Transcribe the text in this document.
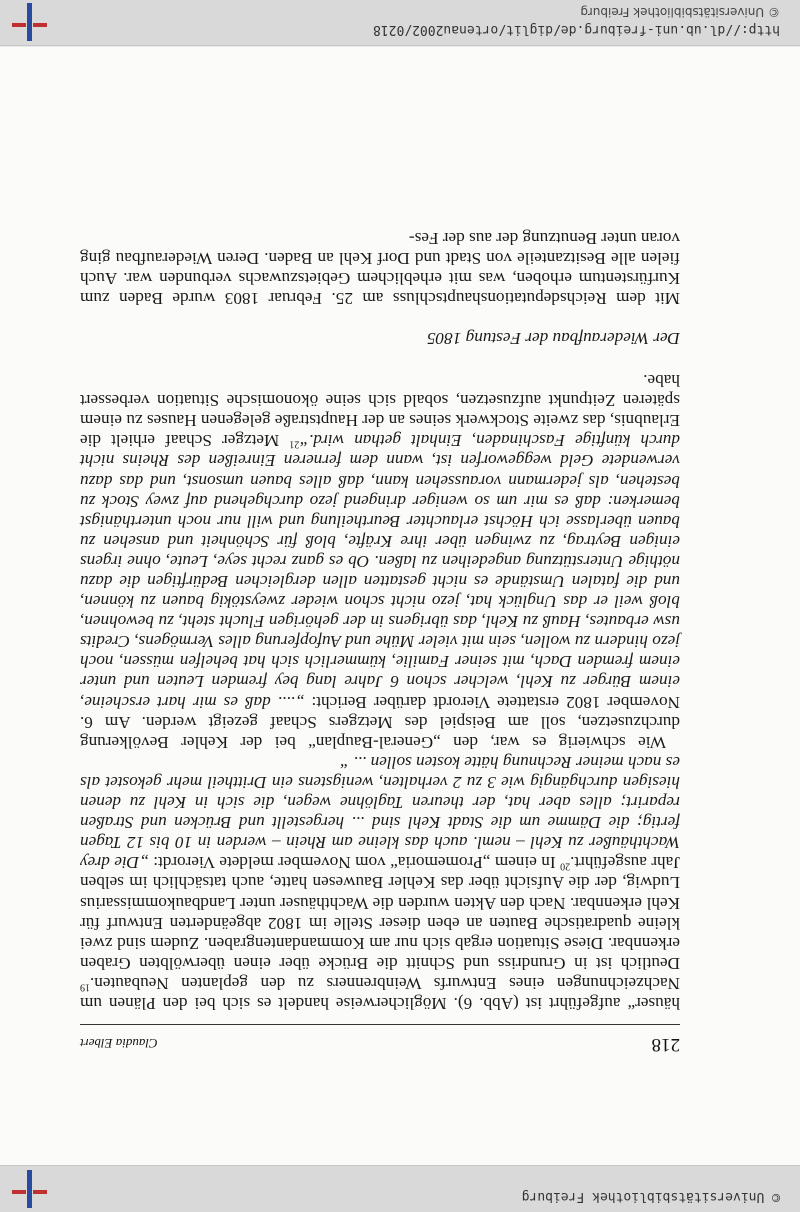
© Universitätsbibliothek Freiburg
218
Claudia Elbert

häuser“ aufgeführt ist (Abb. 6). Möglicherweise handelt es sich bei den Plänen um Nachzeichnungen eines Entwurfs Weinbrenners zu den geplanten Neubauten.$^{19}$ Deutlich ist in Grundriss und Schnitt die Brücke über einen überwölbten Graben erkennbar. Diese Situation ergab sich nur am Kommandantengraben. Zudem sind zwei kleine quadratische Bauten an eben dieser Stelle im 1802 abgeänderten Entwurf für Kehl erkennbar. Nach den Akten wurden die Wachthäuser unter Landbaukommissarius Ludwig, der die Aufsicht über das Kehler Bauwesen hatte, auch tatsächlich im selben Jahr ausgeführt.$^{20}$ In einem „Promemoria“ vom November meldete Vierordt: „Die drey Wachthäußer zu Kehl – neml. auch das kleine am Rhein – werden in 10 bis 12 Tagen fertig; die Dämme um die Stadt Kehl sind ... hergestellt und Brücken und Straßen reparirt; alles aber hat, der theuren Taglöhne wegen, die sich in Kehl zu denen hiesigen durchgängig wie 3 zu 2 verhalten, wenigstens ein Drittheil mehr gekostet als es nach meiner Rechnung hätte kosten sollen ... “

Wie schwierig es war, den „General-Bauplan“ bei der Kehler Bevölkerung durchzusetzen, soll am Beispiel des Metzgers Schaaf gezeigt werden. Am 6. November 1802 erstattete Vierordt darüber Bericht: „.... daß es mir hart erscheine, einem Bürger zu Kehl, welcher schon 6 Jahre lang bey fremden Leuten und unter einem fremden Dach, mit seiner Familie, kümmerlich sich hat behelfen müssen, noch jezo hindern zu wollen, sein mit vieler Mühe und Aufopferung alles Vermögens, Credits usw erbautes, Hauß zu Kehl, das übrigens in der gehörigen Flucht steht, zu bewohnen, bloß weil er das Unglück hat, jezo nicht schon wieder zweystökig bauen zu können, und die fatalen Umstände es nicht gestatten allen dergleichen Bedürftigen die dazu nöthige Unterstützung angedeihen zu laßen. Ob es ganz recht seye, Leute, ohne irgens einigen Beytrag, zu zwingen über ihre Kräfte, bloß für Schönheit und ansehen zu bauen überlasse ich Höchst erlauchter Beurtheilung und will nur noch unterthänigst bemerken: daß es mir um so weniger dringend jezo durchgehend auf zwey Stock zu bestehen, als jedermann voraussehen kann, daß alles bauen umsonst, und das dazu verwendete Geld weggeworfen ist, wann dem ferneren Einreißen des Rheins nicht durch künftige Faschinaden, Einhalt gethan wird.“$^{21}$ Metzger Schaaf erhielt die Erlaubnis, das zweite Stockwerk seines an der Hauptstraße gelegenen Hauses zu einem späteren Zeitpunkt aufzusetzen, sobald sich seine ökonomische Situation verbessert habe.

Der Wiederaufbau der Festung 1805

Mit dem Reichsdeputationshauptschluss am 25. Februar 1803 wurde Baden zum Kurfürstentum erhoben, was mit erheblichem Gebietszuwachs verbunden war. Auch fielen alle Besitzanteile von Stadt und Dorf Kehl an Baden. Deren Wiederaufbau ging voran unter Benutzung der aus der Fes-

http://dl.ub.uni-freiburg.de/diglit/ortenau2002/0218
© Universitätsbibliothek Freiburg
